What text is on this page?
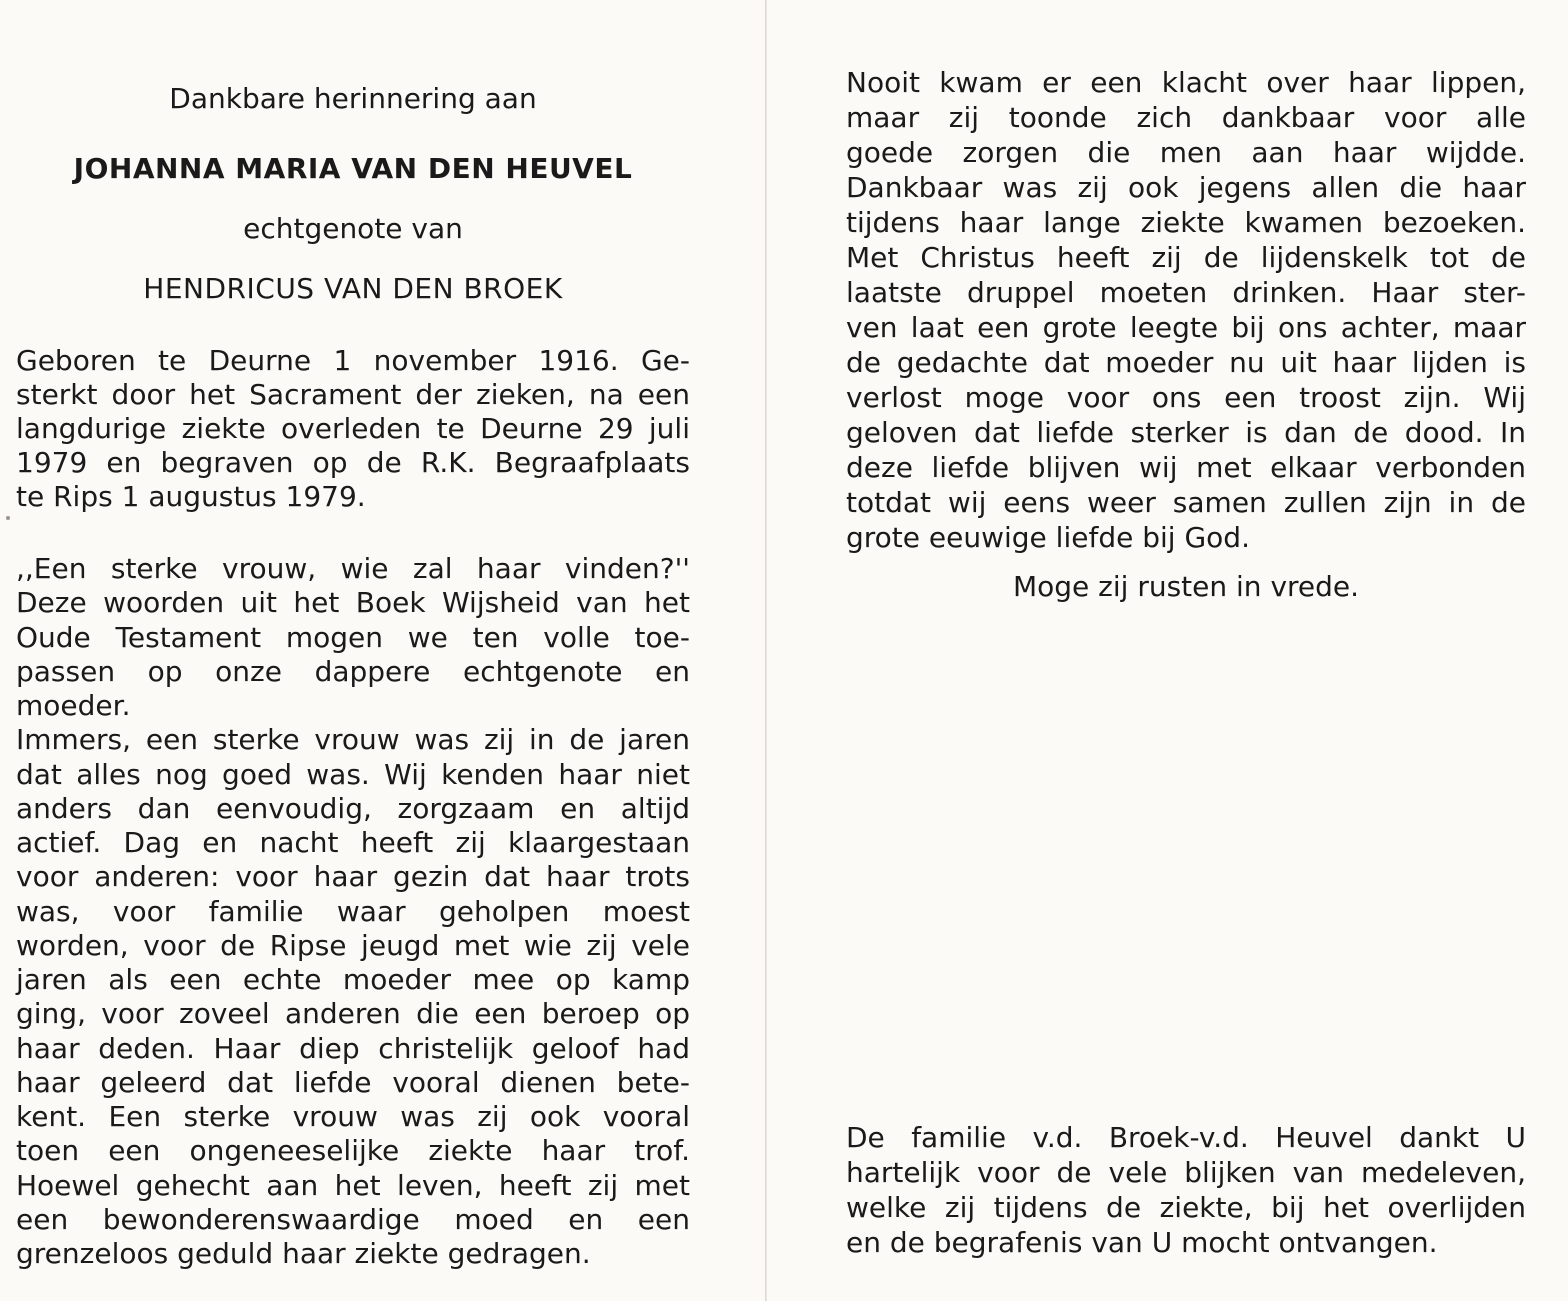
Dankbare herinnering aan
JOHANNA MARIA VAN DEN HEUVEL
echtgenote van
HENDRICUS VAN DEN BROEK
Geboren te Deurne 1 november 1916. Ge-
sterkt door het Sacrament der zieken, na een
langdurige ziekte overleden te Deurne 29 juli
1979 en begraven op de R.K. Begraafplaats
te Rips 1 augustus 1979.
,,Een sterke vrouw, wie zal haar vinden?''
Deze woorden uit het Boek Wijsheid van het
Oude Testament mogen we ten volle toe-
passen op onze dappere echtgenote en
moeder.
Immers, een sterke vrouw was zij in de jaren
dat alles nog goed was. Wij kenden haar niet
anders dan eenvoudig, zorgzaam en altijd
actief. Dag en nacht heeft zij klaargestaan
voor anderen: voor haar gezin dat haar trots
was, voor familie waar geholpen moest
worden, voor de Ripse jeugd met wie zij vele
jaren als een echte moeder mee op kamp
ging, voor zoveel anderen die een beroep op
haar deden. Haar diep christelijk geloof had
haar geleerd dat liefde vooral dienen bete-
kent. Een sterke vrouw was zij ook vooral
toen een ongeneeselijke ziekte haar trof.
Hoewel gehecht aan het leven, heeft zij met
een bewonderenswaardige moed en een
grenzeloos geduld haar ziekte gedragen.
Nooit kwam er een klacht over haar lippen,
maar zij toonde zich dankbaar voor alle
goede zorgen die men aan haar wijdde.
Dankbaar was zij ook jegens allen die haar
tijdens haar lange ziekte kwamen bezoeken.
Met Christus heeft zij de lijdenskelk tot de
laatste druppel moeten drinken. Haar ster-
ven laat een grote leegte bij ons achter, maar
de gedachte dat moeder nu uit haar lijden is
verlost moge voor ons een troost zijn. Wij
geloven dat liefde sterker is dan de dood. In
deze liefde blijven wij met elkaar verbonden
totdat wij eens weer samen zullen zijn in de
grote eeuwige liefde bij God.
Moge zij rusten in vrede.
De familie v.d. Broek-v.d. Heuvel dankt U
hartelijk voor de vele blijken van medeleven,
welke zij tijdens de ziekte, bij het overlijden
en de begrafenis van U mocht ontvangen.
